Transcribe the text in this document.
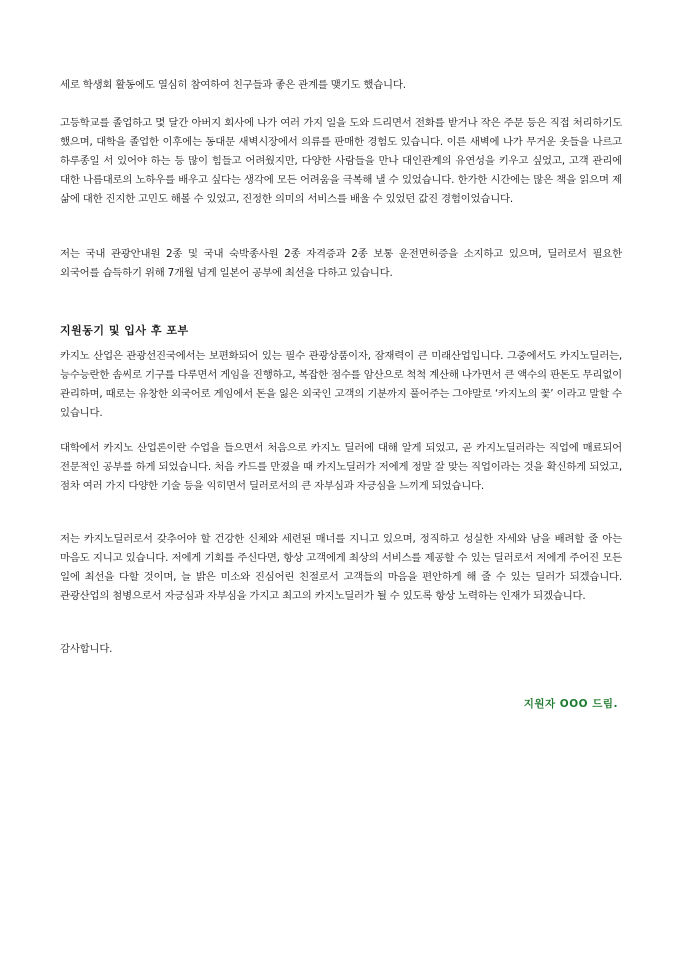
세로 학생회 활동에도 열심히 참여하여 친구들과 좋은 관계를 맺기도 했습니다.

고등학교를 졸업하고 몇 달간 아버지 회사에 나가 여러 가지 일을 도와 드리면서 전화를 받거나 작은 주문 등은 직접 처리하기도 했으며, 대학을 졸업한 이후에는 동대문 새벽시장에서 의류를 판매한 경험도 있습니다. 이른 새벽에 나가 무거운 옷들을 나르고 하루종일 서 있어야 하는 등 많이 힘들고 어려웠지만, 다양한 사람들을 만나 대인관계의 유연성을 키우고 싶었고, 고객 관리에 대한 나름대로의 노하우를 배우고 싶다는 생각에 모든 어려움을 극복해 낼 수 있었습니다. 한가한 시간에는 많은 책을 읽으며 제 삶에 대한 진지한 고민도 해볼 수 있었고, 진정한 의미의 서비스를 배울 수 있었던 값진 경험이었습니다.

저는 국내 관광안내원 2종 및 국내 숙박종사원 2종 자격증과 2종 보통 운전면허증을 소지하고 있으며, 딜러로서 필요한 외국어를 습득하기 위해 7개월 넘게 일본어 공부에 최선을 다하고 있습니다.

지원동기 및 입사 후 포부

카지노 산업은 관광선진국에서는 보편화되어 있는 필수 관광상품이자, 잠재력이 큰 미래산업입니다. 그중에서도 카지노딜러는, 능수능란한 솜씨로 기구를 다루면서 게임을 진행하고, 복잡한 점수를 암산으로 척척 계산해 나가면서 큰 액수의 판돈도 무리없이 관리하며, 때로는 유창한 외국어로 게임에서 돈을 잃은 외국인 고객의 기분까지 풀어주는 그야말로 ‘카지노의 꽃’ 이라고 말할 수 있습니다.

대학에서 카지노 산업론이란 수업을 들으면서 처음으로 카지노 딜러에 대해 알게 되었고, 곧 카지노딜러라는 직업에 매료되어 전문적인 공부를 하게 되었습니다. 처음 카드를 만졌을 때 카지노딜러가 저에게 정말 잘 맞는 직업이라는 것을 확신하게 되었고, 점차 여러 가지 다양한 기술 등을 익히면서 딜러로서의 큰 자부심과 자긍심을 느끼게 되었습니다.

저는 카지노딜러로서 갖추어야 할 건강한 신체와 세련된 매너를 지니고 있으며, 정직하고 성실한 자세와 남을 배려할 줄 아는 마음도 지니고 있습니다. 저에게 기회를 주신다면, 항상 고객에게 최상의 서비스를 제공할 수 있는 딜러로서 저에게 주어진 모든 일에 최선을 다할 것이며, 늘 밝은 미소와 진심어린 친절로서 고객들의 마음을 편안하게 해 줄 수 있는 딜러가 되겠습니다. 관광산업의 첨병으로서 자긍심과 자부심을 가지고 최고의 카지노딜러가 될 수 있도록 항상 노력하는 인재가 되겠습니다.

감사합니다.

지원자 OOO 드림.
